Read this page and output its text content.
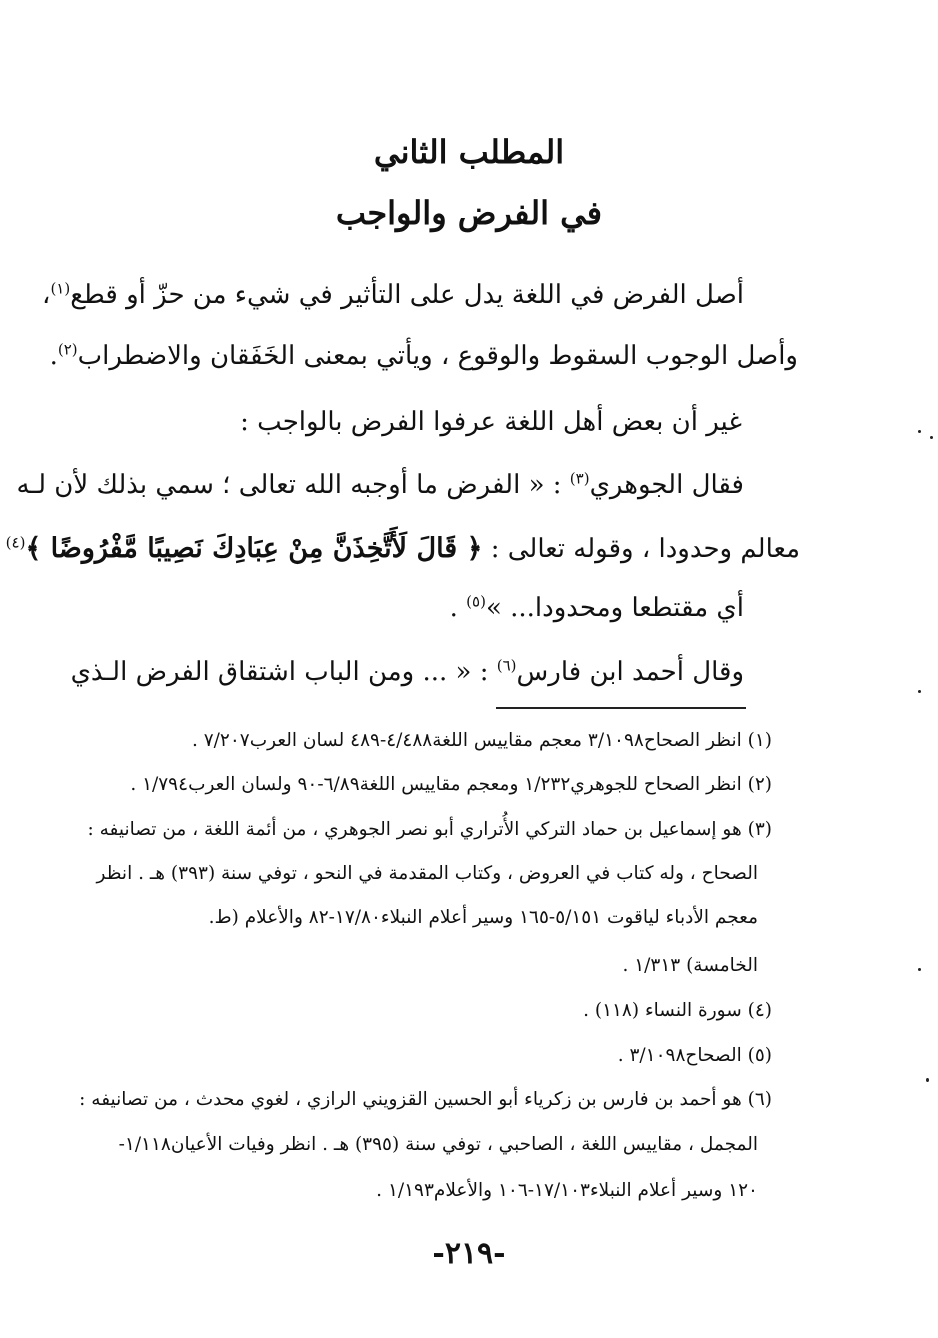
المطلب الثاني
في الفرض والواجب
أصل الفرض في اللغة يدل على التأثير في شيء من حزّ أو قطع$^{(١)}$،
وأصل الوجوب السقوط والوقوع ، ويأتي بمعنى الخَفَقان والاضطراب$^{(٢)}$.
غير أن بعض أهل اللغة عرفوا الفرض بالواجب :
فقال الجوهري$^{(٣)}$ : « الفرض ما أوجبه الله تعالى ؛ سمي بذلك لأن لـه
معالم وحدودا ، وقوله تعالى : ﴿ قَالَ لَأَتَّخِذَنَّ مِنْ عِبَادِكَ نَصِيبًا مَّفْرُوضًا ﴾$^{(٤)}$
أي مقتطعا ومحدودا... »$^{(٥)}$ .
وقال أحمد ابن فارس$^{(٦)}$ : « ... ومن الباب اشتقاق الفرض الـذي
(١) انظر الصحاح٣/١٠٩٨ معجم مقاييس اللغة٤/٤٨٨-٤٨٩ لسان العرب٧/٢٠٧ .
(٢) انظر الصحاح للجوهري١/٢٣٢ ومعجم مقاييس اللغة٦/٨٩-٩٠ ولسان العرب١/٧٩٤ .
(٣) هو إسماعيل بن حماد التركي الأُتراري أبو نصر الجوهري ، من أئمة اللغة ، من تصانيفه :
الصحاح ، وله كتاب في العروض ، وكتاب المقدمة في النحو ، توفي سنة (٣٩٣) هـ . انظر
معجم الأدباء لياقوت ٥/١٥١-١٦٥ وسير أعلام النبلاء١٧/٨٠-٨٢ والأعلام (ط.
الخامسة) ١/٣١٣ .
(٤) سورة النساء (١١٨) .
(٥) الصحاح٣/١٠٩٨ .
(٦) هو أحمد بن فارس بن زكرياء أبو الحسين القزويني الرازي ، لغوي محدث ، من تصانيفه :
المجمل ، مقاييس اللغة ، الصاحبي ، توفي سنة (٣٩٥) هـ . انظر وفيات الأعيان١/١١٨-
١٢٠ وسير أعلام النبلاء١٧/١٠٣-١٠٦ والأعلام١/١٩٣ .
-٢١٩-
